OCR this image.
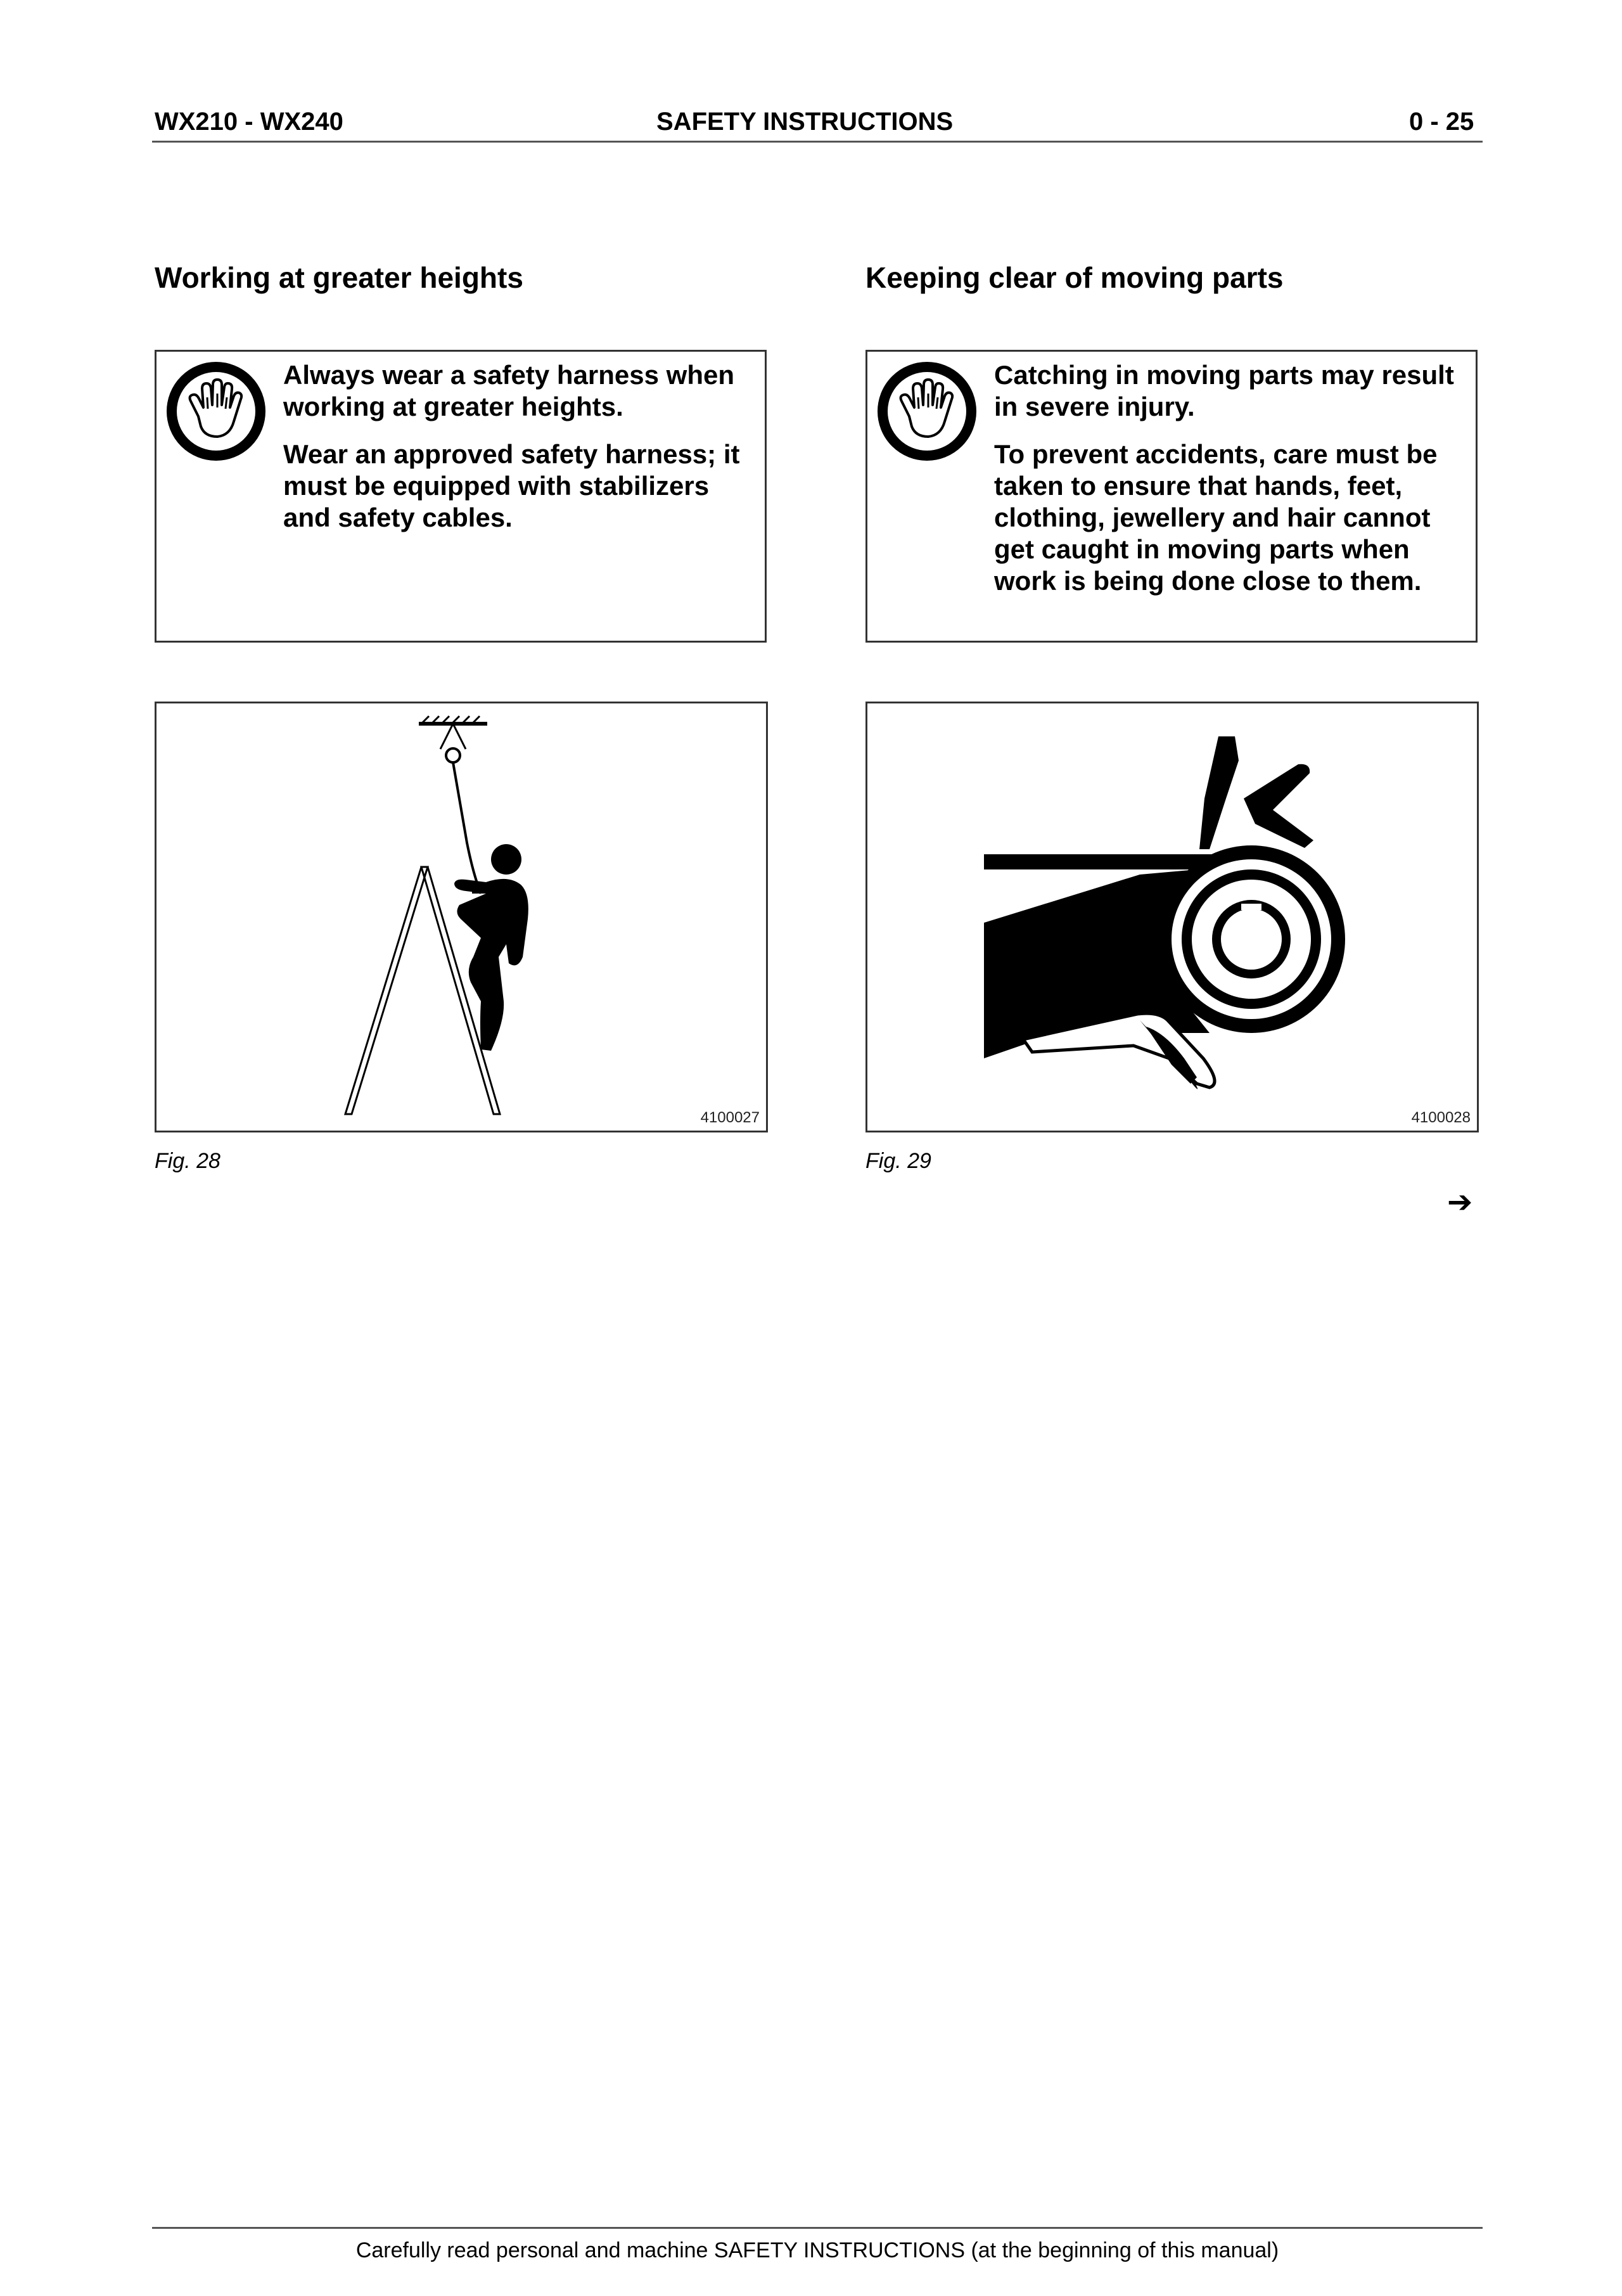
WX210 - WX240	SAFETY INSTRUCTIONS	0 - 25
Working at greater heights	Keeping clear of moving parts

Always wear a safety harness when working at greater heights.

Wear an approved safety harness; it must be equipped with stabilizers and safety cables.

Catching in moving parts may result in severe injury.

To prevent accidents, care must be taken to ensure that hands, feet, clothing, jewellery and hair cannot get caught in moving parts when work is being done close to them.

4100027	4100028
Fig. 28	Fig. 29
➔
Carefully read personal and machine SAFETY INSTRUCTIONS (at the beginning of this manual)
